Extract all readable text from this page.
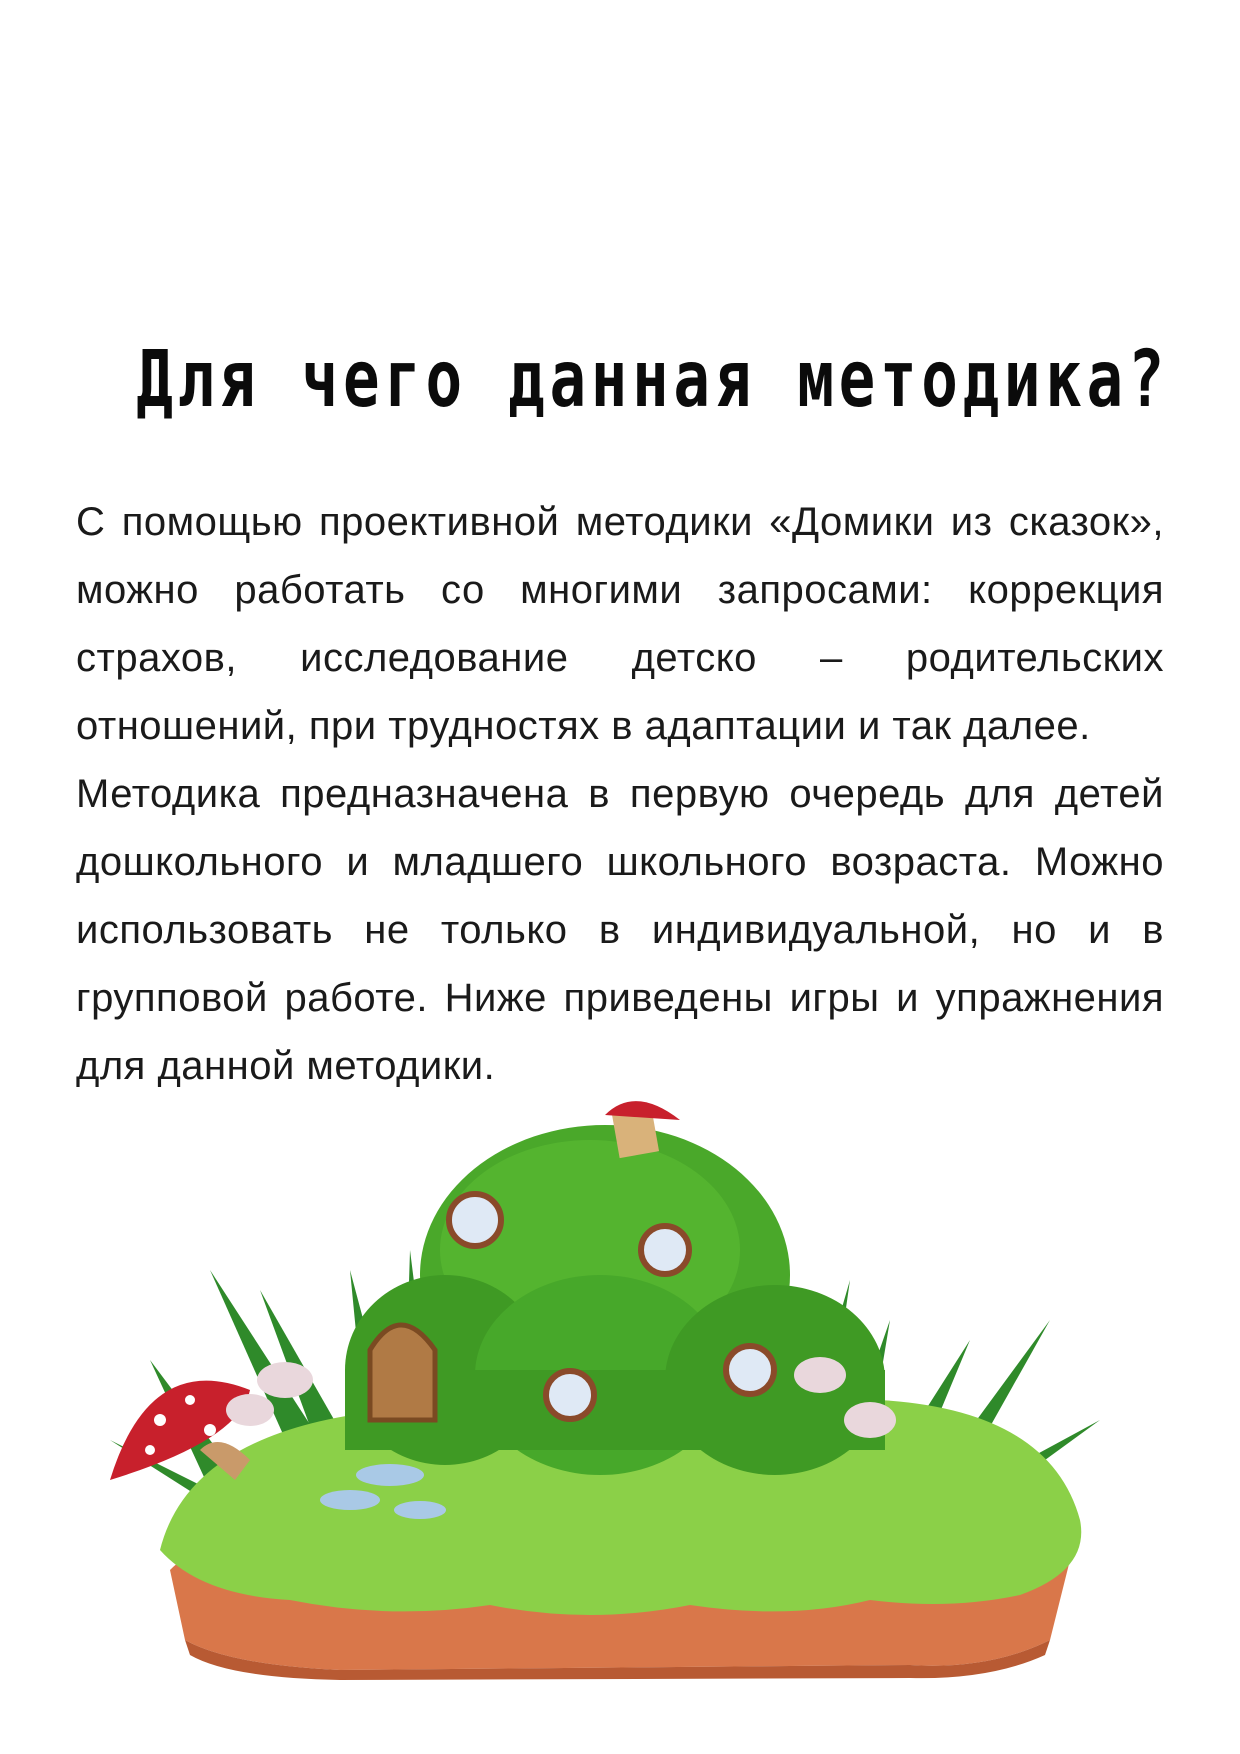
Для чего данная методика?

С помощью проективной методики «Домики из сказок», можно работать со многими запросами: коррекция страхов, исследование детско – родительских отношений, при трудностях в адаптации и так далее.

Методика предназначена в первую очередь для детей дошкольного и младшего школьного возраста. Можно использовать не только в индивидуальной, но и в групповой работе. Ниже приведены игры и упражнения для данной методики.
